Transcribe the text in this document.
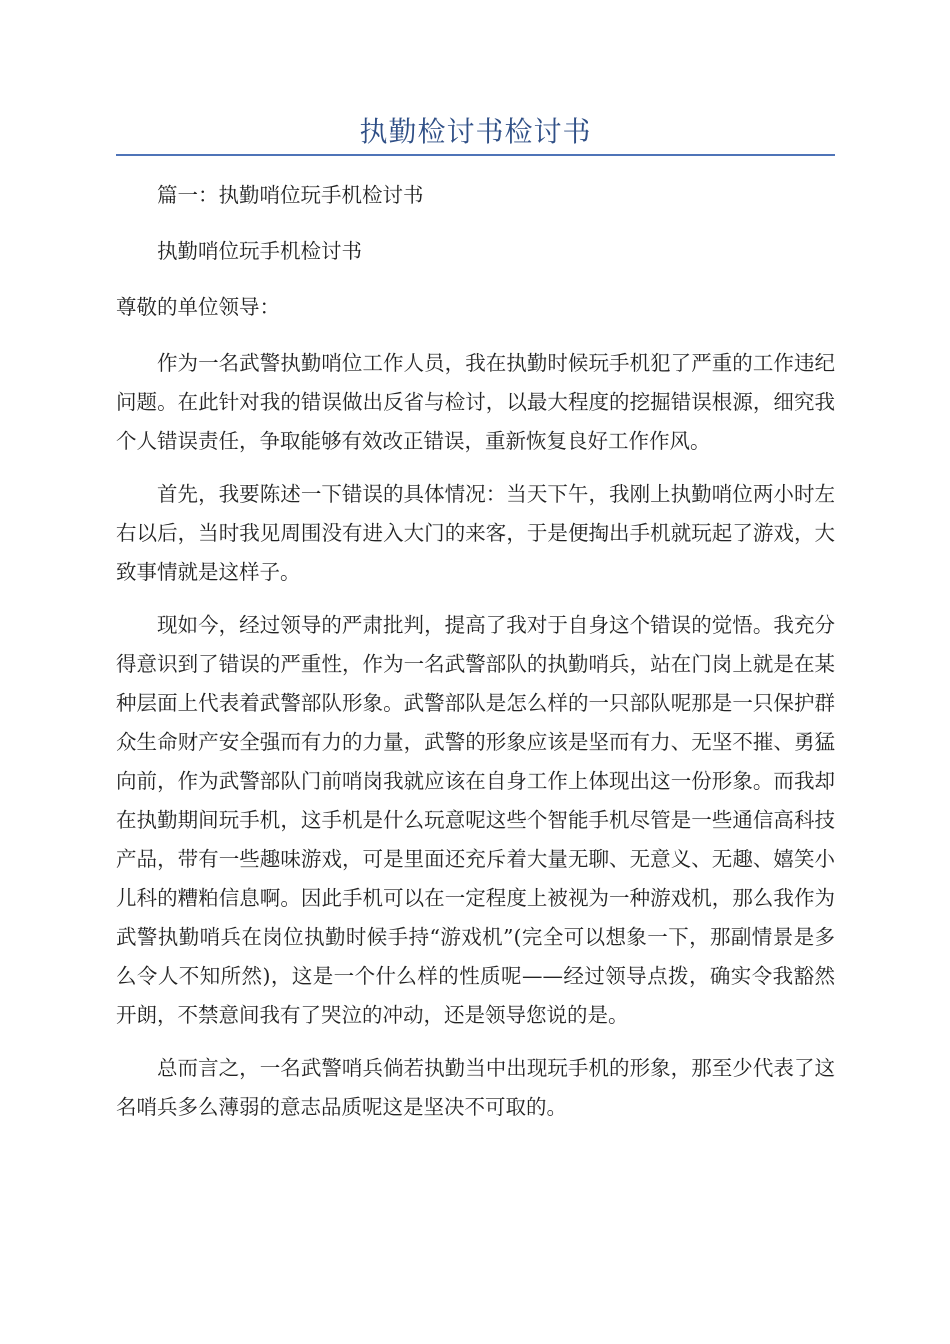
执勤检讨书检讨书

篇一：执勤哨位玩手机检讨书

执勤哨位玩手机检讨书

尊敬的单位领导：

作为一名武警执勤哨位工作人员，我在执勤时候玩手机犯了严重的工作违纪问题。在此针对我的错误做出反省与检讨，以最大程度的挖掘错误根源，细究我个人错误责任，争取能够有效改正错误，重新恢复良好工作作风。

首先，我要陈述一下错误的具体情况：当天下午，我刚上执勤哨位两小时左右以后，当时我见周围没有进入大门的来客，于是便掏出手机就玩起了游戏，大致事情就是这样子。

现如今，经过领导的严肃批判，提高了我对于自身这个错误的觉悟。我充分得意识到了错误的严重性，作为一名武警部队的执勤哨兵，站在门岗上就是在某种层面上代表着武警部队形象。武警部队是怎么样的一只部队呢那是一只保护群众生命财产安全强而有力的力量，武警的形象应该是坚而有力、无坚不摧、勇猛向前，作为武警部队门前哨岗我就应该在自身工作上体现出这一份形象。而我却在执勤期间玩手机，这手机是什么玩意呢这些个智能手机尽管是一些通信高科技产品，带有一些趣味游戏，可是里面还充斥着大量无聊、无意义、无趣、嬉笑小儿科的糟粕信息啊。因此手机可以在一定程度上被视为一种游戏机，那么我作为武警执勤哨兵在岗位执勤时候手持“游戏机”(完全可以想象一下，那副情景是多么令人不知所然)，这是一个什么样的性质呢——经过领导点拨，确实令我豁然开朗，不禁意间我有了哭泣的冲动，还是领导您说的是。

总而言之，一名武警哨兵倘若执勤当中出现玩手机的形象，那至少代表了这名哨兵多么薄弱的意志品质呢这是坚决不可取的。
